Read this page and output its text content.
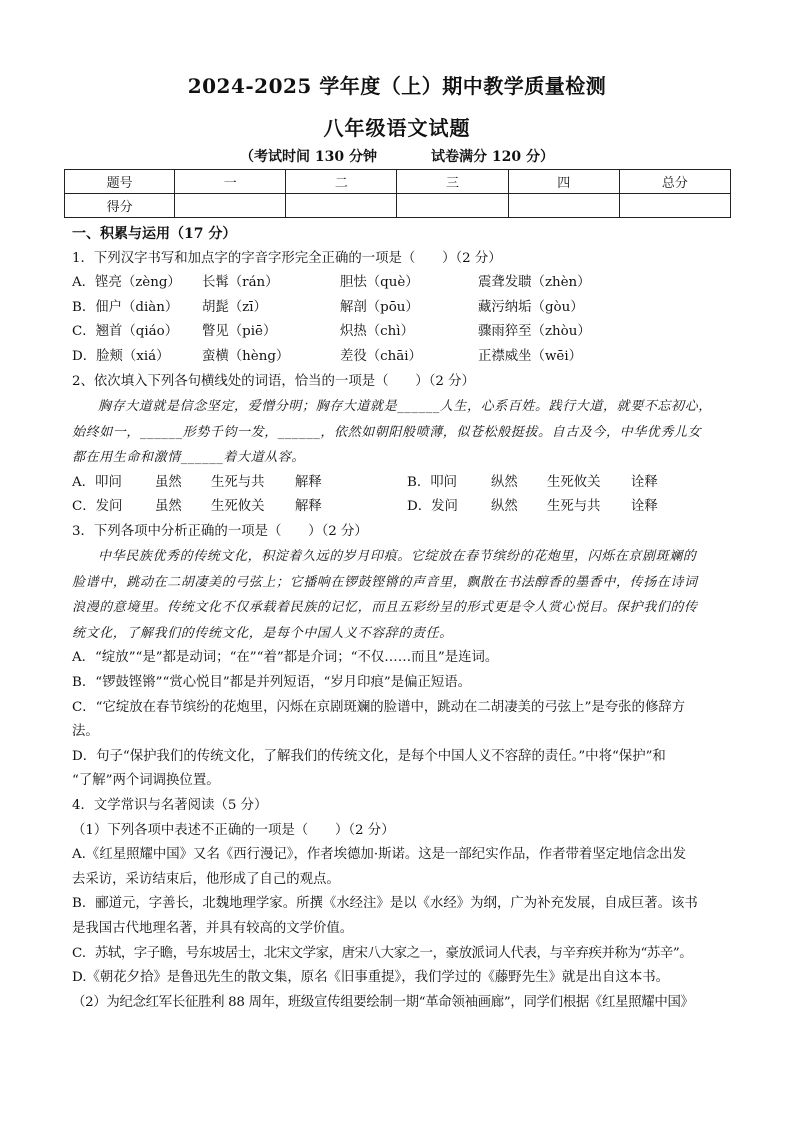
2024-2025 学年度（上）期中教学质量检测
八年级语文试题
（考试时间 130 分钟	试卷满分 120 分）
题号	一	二	三	四	总分
得分					

一、积累与运用（17 分）

1．下列汉字书写和加点字的字音字形完全正确的一项是（　　）（2 分）

A．铿亮（zèng）	长髯（rán）	胆怯（què）	震聋发聩（zhèn）
B．佃户（diàn）	胡髭（zī）	解剖（pōu）	藏污纳垢（gòu）
C．翘首（qiáo）	瞥见（piē）	炽热（chì）	骤雨猝至（zhòu）
D．脸颊（xiá）	蛮横（hèng）	差役（chāi）	正襟威坐（wēi）

2、依次填入下列各句横线处的词语，恰当的一项是（　　）（2 分）

胸存大道就是信念坚定，爱憎分明；胸存大道就是______人生，心系百姓。践行大道，就要不忘初心，
始终如一，______形势千钧一发，______，依然如朝阳般喷薄，似苍松般挺拔。自古及今，中华优秀儿女
都在用生命和激情______着大道从容。
A．叩问	虽然	生死与共	解释	B．叩问	纵然	生死攸关	诠释
C．发问	虽然	生死攸关	解释	D．发问	纵然	生死与共	诠释

3．下列各项中分析正确的一项是（　　）（2 分）

中华民族优秀的传统文化，积淀着久远的岁月印痕。它绽放在春节缤纷的花炮里，闪烁在京剧斑斓的
脸谱中，跳动在二胡凄美的弓弦上；它播响在锣鼓铿锵的声音里，飘散在书法醇香的墨香中，传扬在诗词
浪漫的意境里。传统文化不仅承载着民族的记忆，而且五彩纷呈的形式更是令人赏心悦目。保护我们的传
统文化，了解我们的传统文化，是每个中国人义不容辞的责任。

A．“绽放”“是”都是动词；“在”“着”都是介词；“不仅……而且”是连词。

B．“锣鼓铿锵”“赏心悦目”都是并列短语，“岁月印痕”是偏正短语。

C．“它绽放在春节缤纷的花炮里，闪烁在京剧斑斓的脸谱中，跳动在二胡凄美的弓弦上”是夸张的修辞方

法。

D．句子“保护我们的传统文化，了解我们的传统文化，是每个中国人义不容辞的责任。”中将“保护”和

“了解”两个词调换位置。

4．文学常识与名著阅读（5 分）

（1）下列各项中表述不正确的一项是（　　）（2 分）

A.《红星照耀中国》又名《西行漫记》，作者埃德加·斯诺。这是一部纪实作品，作者带着坚定地信念出发

去采访，采访结束后，他形成了自己的观点。

B．郦道元，字善长，北魏地理学家。所撰《水经注》是以《水经》为纲，广为补充发展，自成巨著。该书

是我国古代地理名著，并具有较高的文学价值。

C．苏轼，字子瞻，号东坡居士，北宋文学家，唐宋八大家之一，豪放派词人代表，与辛弃疾并称为“苏辛”。

D.《朝花夕拾》是鲁迅先生的散文集，原名《旧事重提》，我们学过的《藤野先生》就是出自这本书。

（2）为纪念红军长征胜利 88 周年，班级宣传组要绘制一期“革命领袖画廊”，同学们根据《红星照耀中国》
